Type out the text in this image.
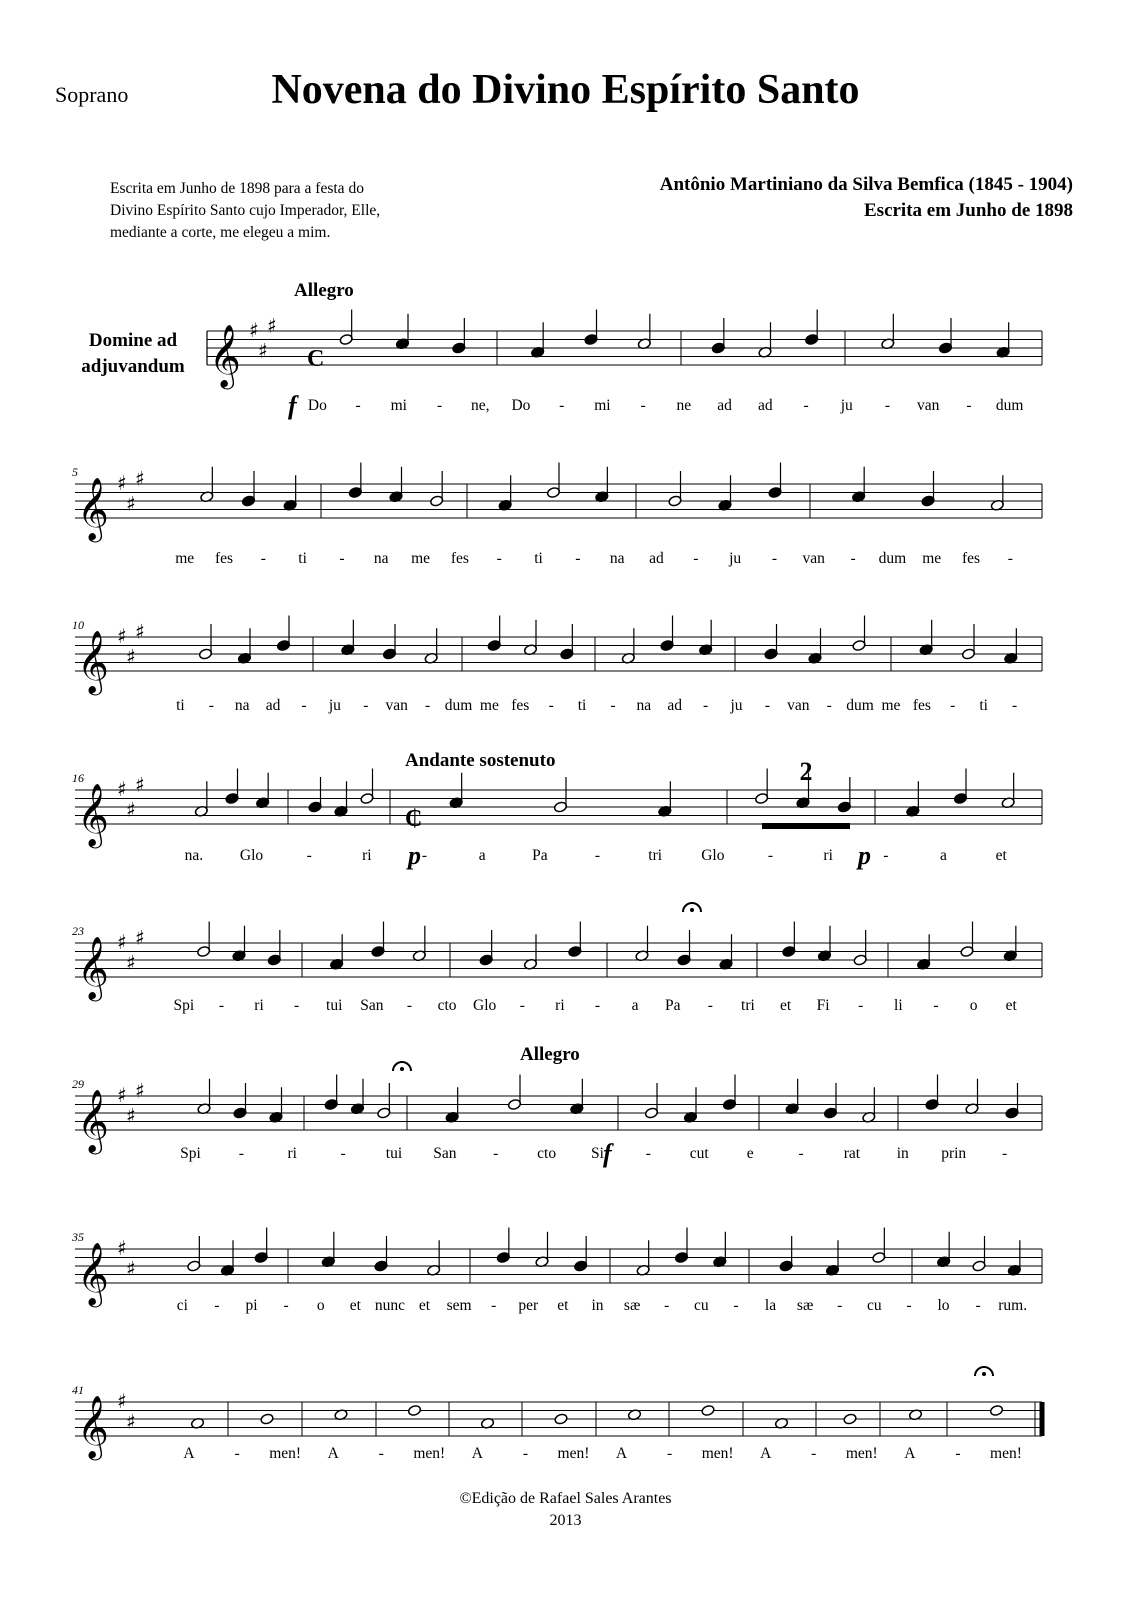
Soprano	Novena do Divino Espírito Santo
Escrita em Junho de 1898 para a festa do
Divino Espírito Santo cujo Imperador, Elle,
mediante a corte, me elegeu a mim.
Antônio Martiniano da Silva Bemfica (1845 - 1904)
Escrita em Junho de 1898
𝄞 ♯
♯
♯
Do - mi - ne, Do - mi - ne ad ad - ju - van - dum
𝄞 ♯
♯
♯
5
me fes - ti - na me fes - ti - na ad - ju - van - dum me fes -
𝄞 ♯
♯
♯
10
ti - na ad - ju - van - dum me fes - ti - na ad - ju - van - dum me fes - ti -
𝄞 ♯
♯
♯
16
na. Glo	-	ri	-	a	Pa	-	tri	Glo	-	ri	-	a	et
𝄞 ♯
♯
♯
23
Spi - ri - tui San - cto Glo - ri - a Pa - tri et Fi - li - o et
𝄞 ♯
♯
♯
29
Spi -	ri	-	tui San -	cto Si	-	cut e	-	rat in prin -
𝄞 ♯
♯
35
ci - pi - o et nunc et sem - per et in sæ - cu - la sæ - cu - lo - rum.
𝄞 ♯
♯
41
A	- men! A	- men! A	- men! A	- men! A	- men! A	- men!
Domine ad
adjuvandum	C
₵
Allegro
Andante sostenuto
Allegro
f
p	p
f
2
©Edição de Rafael Sales Arantes
2013
